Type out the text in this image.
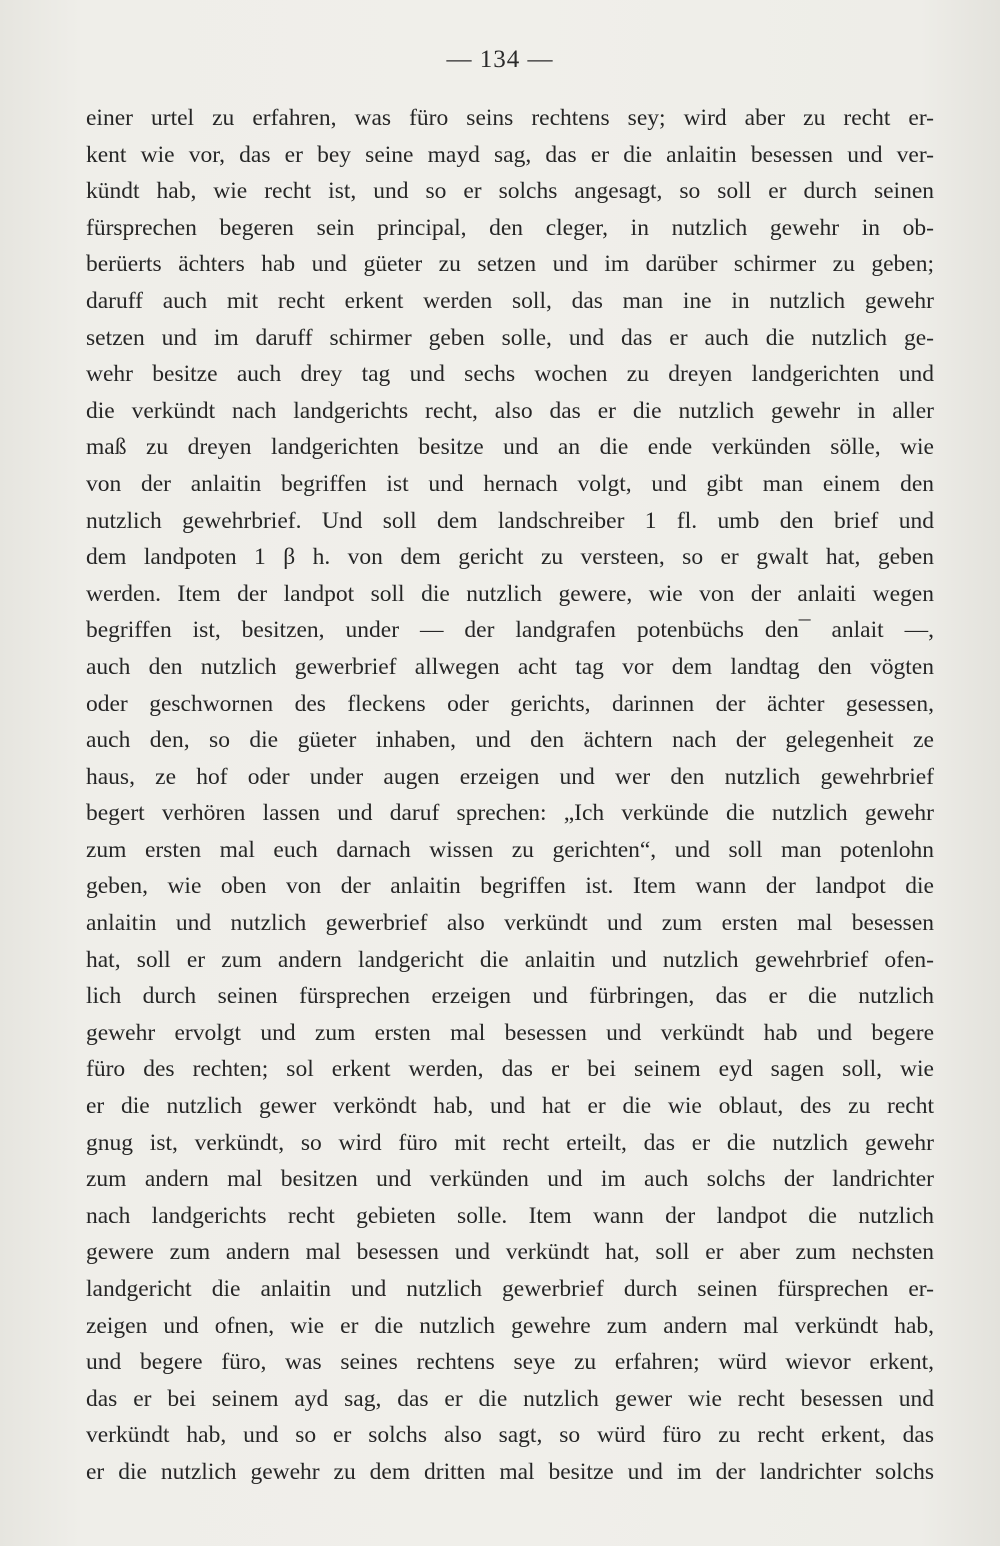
— 134 —
einer urtel zu erfahren, was füro seins rechtens sey; wird aber zu recht er-
kent wie vor, das er bey seine mayd sag, das er die anlaitin besessen und ver-
kündt hab, wie recht ist, und so er solchs angesagt, so soll er durch seinen
fürsprechen begeren sein principal, den cleger, in nutzlich gewehr in ob-
berüerts ächters hab und güeter zu setzen und im darüber schirmer zu geben;
daruff auch mit recht erkent werden soll, das man ine in nutzlich gewehr
setzen und im daruff schirmer geben solle, und das er auch die nutzlich ge-
wehr besitze auch drey tag und sechs wochen zu dreyen landgerichten und
die verkündt nach landgerichts recht, also das er die nutzlich gewehr in aller
maß zu dreyen landgerichten besitze und an die ende verkünden sölle, wie
von der anlaitin begriffen ist und hernach volgt, und gibt man einem den
nutzlich gewehrbrief. Und soll dem landschreiber 1 fl. umb den brief und
dem landpoten 1 β h. von dem gericht zu versteen, so er gwalt hat, geben
werden. Item der landpot soll die nutzlich gewere, wie von der anlaiti wegen
begriffen ist, besitzen, under — der landgrafen potenbüchs den¯ anlait —,
auch den nutzlich gewerbrief allwegen acht tag vor dem landtag den vögten
oder geschwornen des fleckens oder gerichts, darinnen der ächter gesessen,
auch den, so die güeter inhaben, und den ächtern nach der gelegenheit ze
haus, ze hof oder under augen erzeigen und wer den nutzlich gewehrbrief
begert verhören lassen und daruf sprechen: „Ich verkünde die nutzlich gewehr
zum ersten mal euch darnach wissen zu gerichten“, und soll man potenlohn
geben, wie oben von der anlaitin begriffen ist. Item wann der landpot die
anlaitin und nutzlich gewerbrief also verkündt und zum ersten mal besessen
hat, soll er zum andern landgericht die anlaitin und nutzlich gewehrbrief ofen-
lich durch seinen fürsprechen erzeigen und fürbringen, das er die nutzlich
gewehr ervolgt und zum ersten mal besessen und verkündt hab und begere
füro des rechten; sol erkent werden, das er bei seinem eyd sagen soll, wie
er die nutzlich gewer verköndt hab, und hat er die wie oblaut, des zu recht
gnug ist, verkündt, so wird füro mit recht erteilt, das er die nutzlich gewehr
zum andern mal besitzen und verkünden und im auch solchs der landrichter
nach landgerichts recht gebieten solle. Item wann der landpot die nutzlich
gewere zum andern mal besessen und verkündt hat, soll er aber zum nechsten
landgericht die anlaitin und nutzlich gewerbrief durch seinen fürsprechen er-
zeigen und ofnen, wie er die nutzlich gewehre zum andern mal verkündt hab,
und begere füro, was seines rechtens seye zu erfahren; würd wievor erkent,
das er bei seinem ayd sag, das er die nutzlich gewer wie recht besessen und
verkündt hab, und so er solchs also sagt, so würd füro zu recht erkent, das
er die nutzlich gewehr zu dem dritten mal besitze und im der landrichter solchs
